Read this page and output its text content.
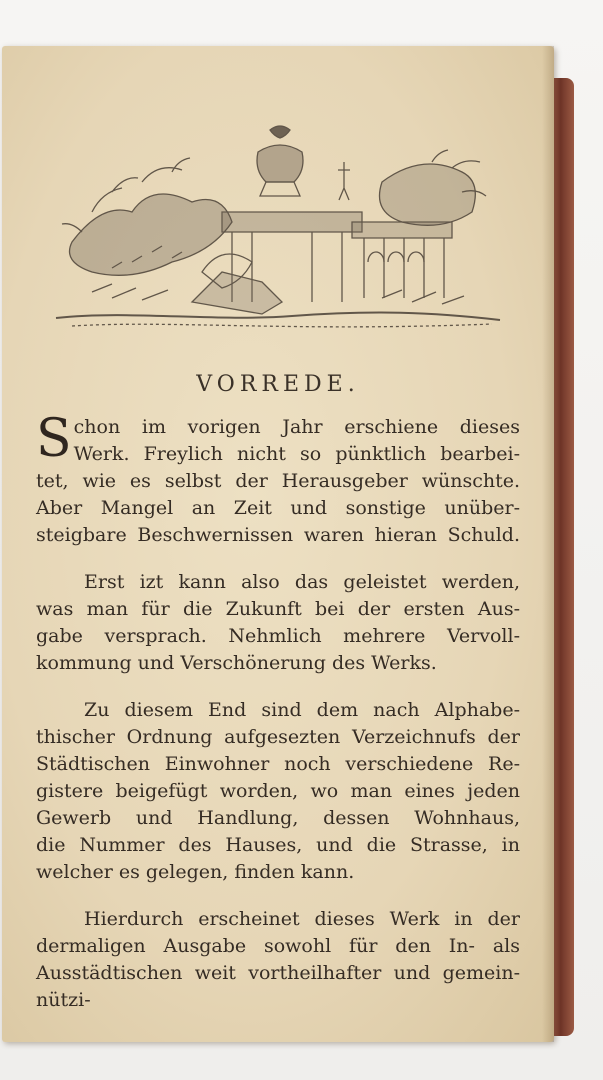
VORREDE.
S chon im vorigen Jahr erschiene dieses
Werk. Freylich nicht so pünktlich bearbei-
tet, wie es selbst der Herausgeber wünschte.
Aber Mangel an Zeit und sonstige unüber-
steigbare Beschwernissen waren hieran Schuld.
Erst izt kann also das geleistet werden,
was man für die Zukunft bei der ersten Aus-
gabe versprach. Nehmlich mehrere Vervoll-
kommung und Verschönerung des Werks.
Zu diesem End sind dem nach Alphabe-
thischer Ordnung aufgesezten Verzeichnufs der
Städtischen Einwohner noch verschiedene Re-
gistere beigefügt worden, wo man eines jeden
Gewerb und Handlung, dessen Wohnhaus,
die Nummer des Hauses, und die Strasse, in
welcher es gelegen, finden kann.
Hierdurch erscheinet dieses Werk in der
dermaligen Ausgabe sowohl für den In- als
Ausstädtischen weit vortheilhafter und gemein-
nützi-
